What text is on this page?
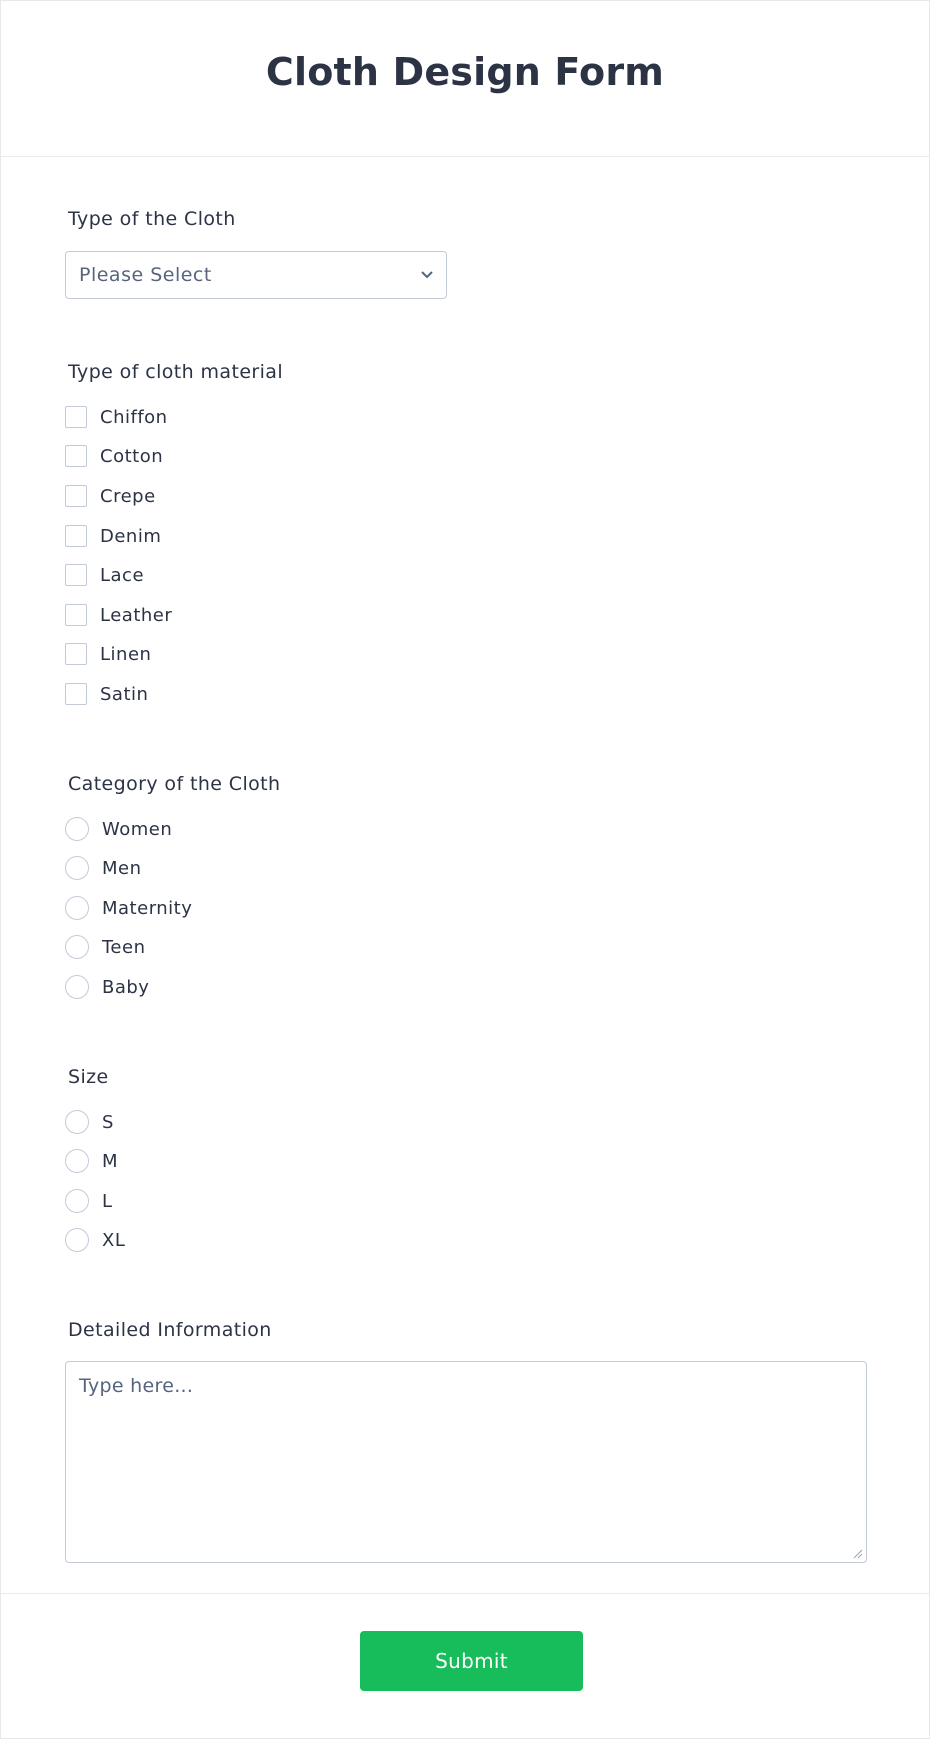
Cloth Design Form
Type of the Cloth
Please Select
Type of cloth material
Chiffon
Cotton
Crepe
Denim
Lace
Leather
Linen
Satin
Category of the Cloth
Women
Men
Maternity
Teen
Baby
Size
S
M
L
XL
Detailed Information
Type here...
Submit
